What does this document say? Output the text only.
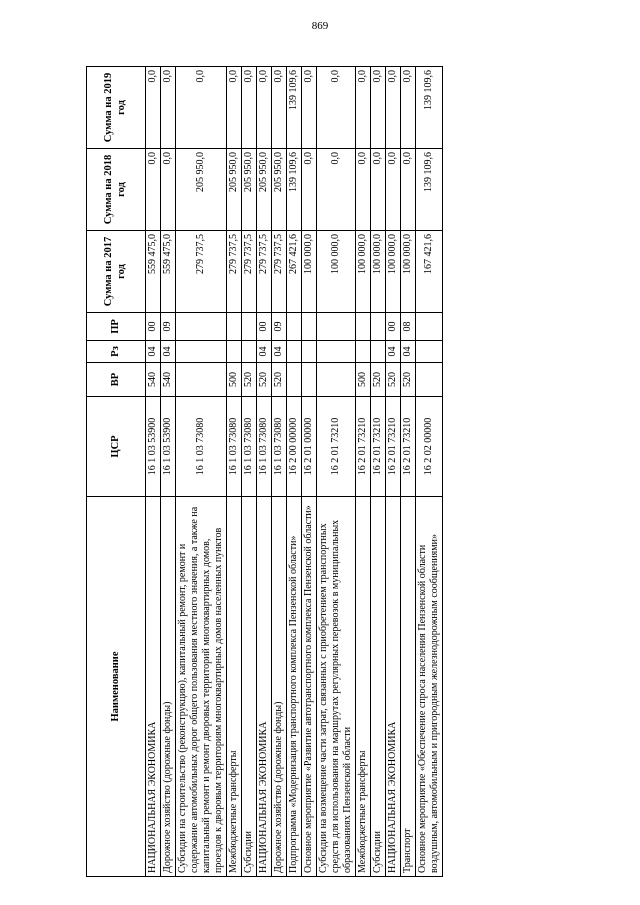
869
Наименование	ЦСР	ВР	Рз	ПР	Сумма на 2017 год	Сумма на 2018 год	Сумма на 2019 год
НАЦИОНАЛЬНАЯ ЭКОНОМИКА	16 1 03 53900	540	04	00	559 475,0	0,0	0,0
Дорожное хозяйство (дорожные фонды)	16 1 03 53900	540	04	09	559 475,0	0,0	0,0
Субсидии на строительство (реконструкцию), капитальный ремонт, ремонт и содержание автомобильных дорог общего пользования местного значения, а также на капитальный ремонт и ремонт дворовых территорий многоквартирных домов, проездов к дворовым территориям многоквартирных домов населенных пунктов	16 1 03 73080				279 737,5	205 950,0	0,0
Межбюджетные трансферты	16 1 03 73080	500			279 737,5	205 950,0	0,0
Субсидии	16 1 03 73080	520			279 737,5	205 950,0	0,0
НАЦИОНАЛЬНАЯ ЭКОНОМИКА	16 1 03 73080	520	04	00	279 737,5	205 950,0	0,0
Дорожное хозяйство (дорожные фонды)	16 1 03 73080	520	04	09	279 737,5	205 950,0	0,0
Подпрограмма «Модернизация транспортного комплекса Пензенской области»	16 2 00 00000				267 421,6	139 109,6	139 109,6
Основное мероприятие «Развитие автотранспортного комплекса Пензенской области»	16 2 01 00000				100 000,0	0,0	0,0
Субсидии на возмещение части затрат, связанных с приобретением транспортных средств для использования на маршрутах регулярных перевозок в муниципальных образованиях Пензенской области	16 2 01 73210				100 000,0	0,0	0,0
Межбюджетные трансферты	16 2 01 73210	500			100 000,0	0,0	0,0
Субсидии	16 2 01 73210	520			100 000,0	0,0	0,0
НАЦИОНАЛЬНАЯ ЭКОНОМИКА	16 2 01 73210	520	04	00	100 000,0	0,0	0,0
Транспорт	16 2 01 73210	520	04	08	100 000,0	0,0	0,0
Основное мероприятие «Обеспечение спроса населения Пензенской области воздушным, автомобильным и пригородным железнодорожным сообщениями»	16 2 02 00000				167 421,6	139 109,6	139 109,6
